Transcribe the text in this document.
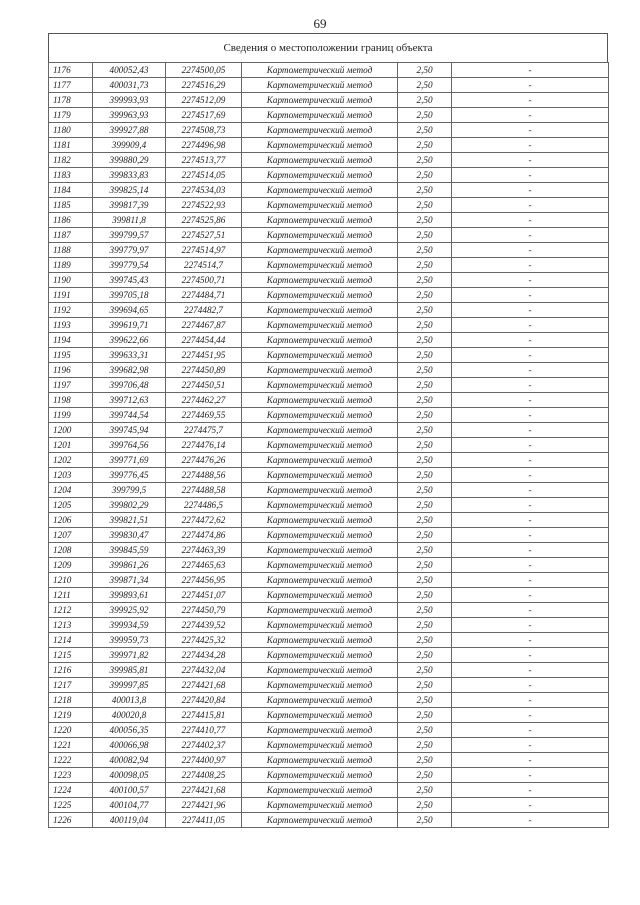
69
Сведения о местоположении границ объекта
1176	400052,43	2274500,05	Картометрический метод	2,50	-
1177	400031,73	2274516,29	Картометрический метод	2,50	-
1178	399993,93	2274512,09	Картометрический метод	2,50	-
1179	399963,93	2274517,69	Картометрический метод	2,50	-
1180	399927,88	2274508,73	Картометрический метод	2,50	-
1181	399909,4	2274496,98	Картометрический метод	2,50	-
1182	399880,29	2274513,77	Картометрический метод	2,50	-
1183	399833,83	2274514,05	Картометрический метод	2,50	-
1184	399825,14	2274534,03	Картометрический метод	2,50	-
1185	399817,39	2274522,93	Картометрический метод	2,50	-
1186	399811,8	2274525,86	Картометрический метод	2,50	-
1187	399799,57	2274527,51	Картометрический метод	2,50	-
1188	399779,97	2274514,97	Картометрический метод	2,50	-
1189	399779,54	2274514,7	Картометрический метод	2,50	-
1190	399745,43	2274500,71	Картометрический метод	2,50	-
1191	399705,18	2274484,71	Картометрический метод	2,50	-
1192	399694,65	2274482,7	Картометрический метод	2,50	-
1193	399619,71	2274467,87	Картометрический метод	2,50	-
1194	399622,66	2274454,44	Картометрический метод	2,50	-
1195	399633,31	2274451,95	Картометрический метод	2,50	-
1196	399682,98	2274450,89	Картометрический метод	2,50	-
1197	399706,48	2274450,51	Картометрический метод	2,50	-
1198	399712,63	2274462,27	Картометрический метод	2,50	-
1199	399744,54	2274469,55	Картометрический метод	2,50	-
1200	399745,94	2274475,7	Картометрический метод	2,50	-
1201	399764,56	2274476,14	Картометрический метод	2,50	-
1202	399771,69	2274476,26	Картометрический метод	2,50	-
1203	399776,45	2274488,56	Картометрический метод	2,50	-
1204	399799,5	2274488,58	Картометрический метод	2,50	-
1205	399802,29	2274486,5	Картометрический метод	2,50	-
1206	399821,51	2274472,62	Картометрический метод	2,50	-
1207	399830,47	2274474,86	Картометрический метод	2,50	-
1208	399845,59	2274463,39	Картометрический метод	2,50	-
1209	399861,26	2274465,63	Картометрический метод	2,50	-
1210	399871,34	2274456,95	Картометрический метод	2,50	-
1211	399893,61	2274451,07	Картометрический метод	2,50	-
1212	399925,92	2274450,79	Картометрический метод	2,50	-
1213	399934,59	2274439,52	Картометрический метод	2,50	-
1214	399959,73	2274425,32	Картометрический метод	2,50	-
1215	399971,82	2274434,28	Картометрический метод	2,50	-
1216	399985,81	2274432,04	Картометрический метод	2,50	-
1217	399997,85	2274421,68	Картометрический метод	2,50	-
1218	400013,8	2274420,84	Картометрический метод	2,50	-
1219	400020,8	2274415,81	Картометрический метод	2,50	-
1220	400056,35	2274410,77	Картометрический метод	2,50	-
1221	400066,98	2274402,37	Картометрический метод	2,50	-
1222	400082,94	2274400,97	Картометрический метод	2,50	-
1223	400098,05	2274408,25	Картометрический метод	2,50	-
1224	400100,57	2274421,68	Картометрический метод	2,50	-
1225	400104,77	2274421,96	Картометрический метод	2,50	-
1226	400119,04	2274411,05	Картометрический метод	2,50	-
